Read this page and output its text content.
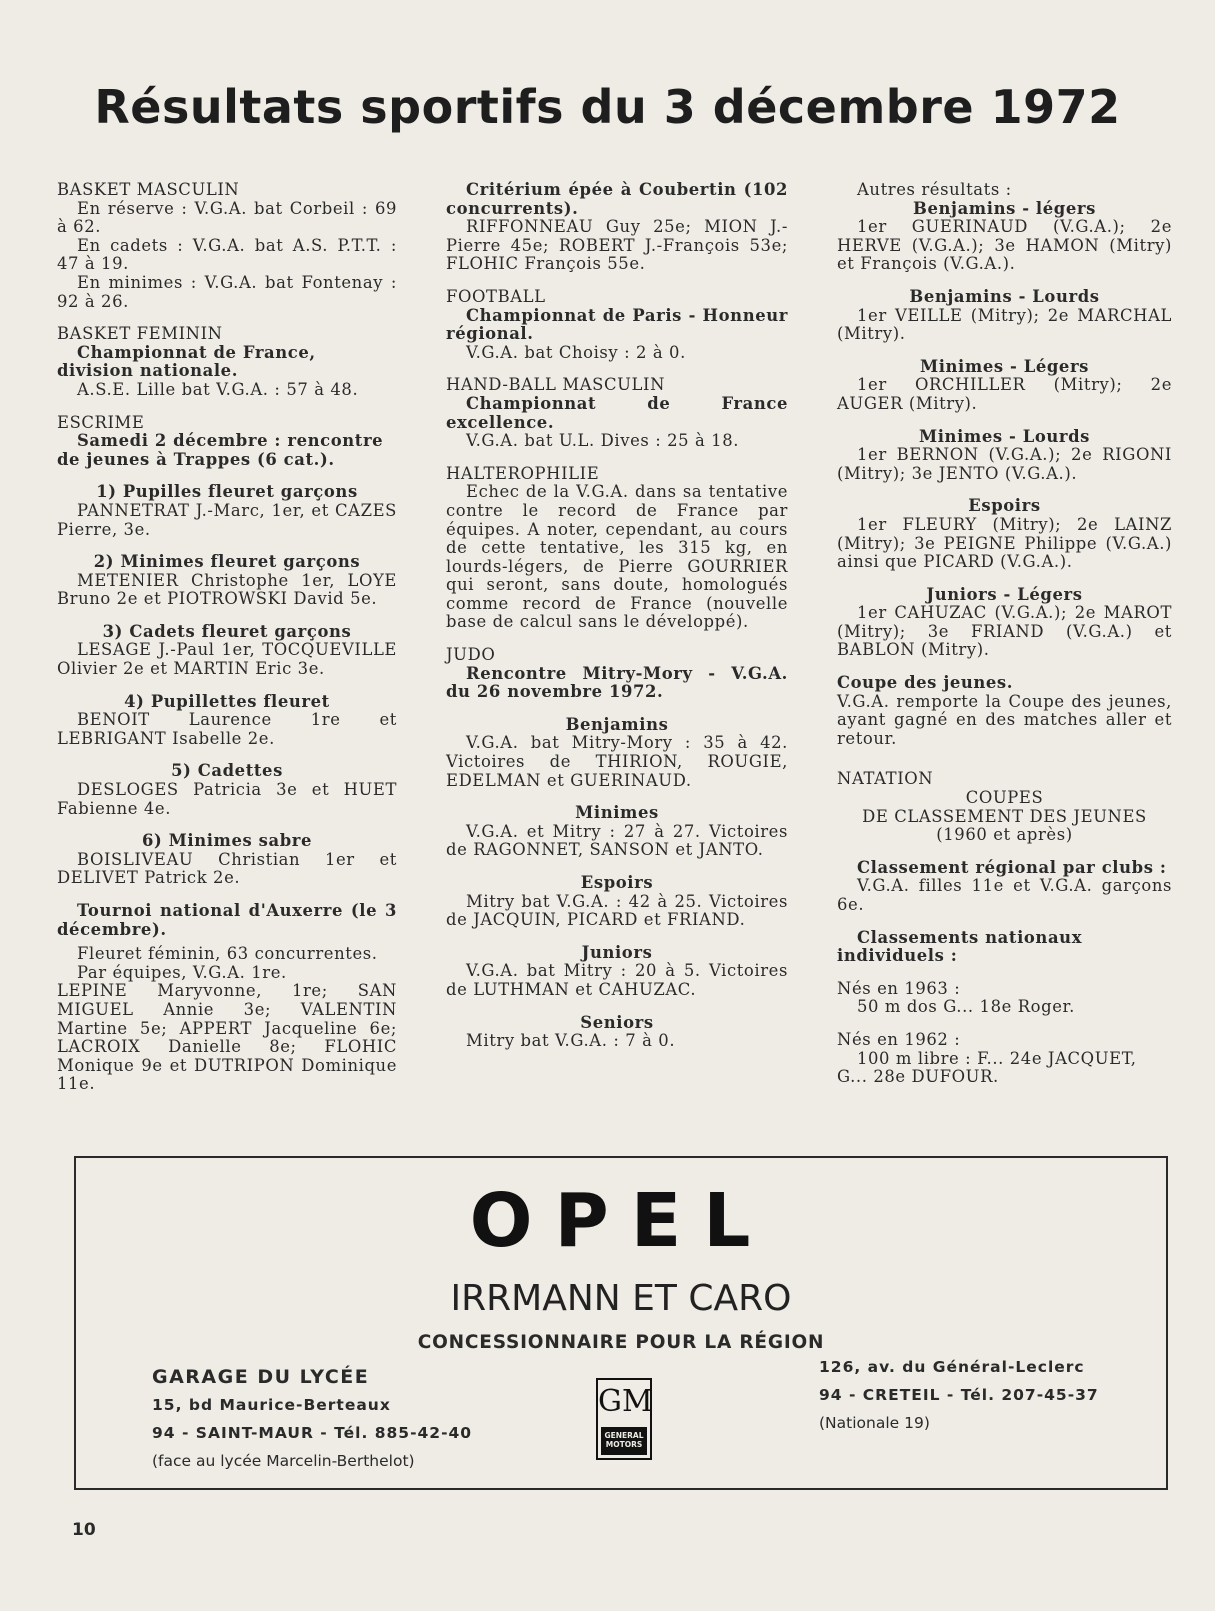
Résultats sportifs du 3 décembre 1972

BASKET MASCULIN

En réserve : V.G.A. bat Corbeil : 69 à 62.

En cadets : V.G.A. bat A.S. P.T.T. : 47 à 19.

En minimes : V.G.A. bat Fontenay : 92 à 26.

BASKET FEMININ

Championnat de France, division nationale.

A.S.E. Lille bat V.G.A. : 57 à 48.

ESCRIME

Samedi 2 décembre : rencontre de jeunes à Trappes (6 cat.).

1) Pupilles fleuret garçons

PANNETRAT J.-Marc, 1er, et CAZES Pierre, 3e.

2) Minimes fleuret garçons

METENIER Christophe 1er, LOYE Bruno 2e et PIOTROWSKI David 5e.

3) Cadets fleuret garçons

LESAGE J.-Paul 1er, TOCQUEVILLE Olivier 2e et MARTIN Eric 3e.

4) Pupillettes fleuret

BENOIT Laurence 1re et LEBRIGANT Isabelle 2e.

5) Cadettes

DESLOGES Patricia 3e et HUET Fabienne 4e.

6) Minimes sabre

BOISLIVEAU Christian 1er et DELIVET Patrick 2e.

Tournoi national d'Auxerre (le 3 décembre).

Fleuret féminin, 63 concurrentes.

Par équipes, V.G.A. 1re.

LEPINE Maryvonne, 1re; SAN MIGUEL Annie 3e; VALENTIN Martine 5e; APPERT Jacqueline 6e; LACROIX Danielle 8e; FLOHIC Monique 9e et DUTRIPON Dominique 11e.

Critérium épée à Coubertin (102 concurrents).

RIFFONNEAU Guy 25e; MION J.-Pierre 45e; ROBERT J.-François 53e; FLOHIC François 55e.

FOOTBALL

Championnat de Paris - Honneur régional.

V.G.A. bat Choisy : 2 à 0.

HAND-BALL MASCULIN

Championnat de France excellence.

V.G.A. bat U.L. Dives : 25 à 18.

HALTEROPHILIE

Echec de la V.G.A. dans sa tentative contre le record de France par équipes. A noter, cependant, au cours de cette tentative, les 315 kg, en lourds-légers, de Pierre GOURRIER qui seront, sans doute, homologués comme record de France (nouvelle base de calcul sans le développé).

JUDO

Rencontre Mitry-Mory - V.G.A. du 26 novembre 1972.

Benjamins

V.G.A. bat Mitry-Mory : 35 à 42. Victoires de THIRION, ROUGIE, EDELMAN et GUERINAUD.

Minimes

V.G.A. et Mitry : 27 à 27. Victoires de RAGONNET, SANSON et JANTO.

Espoirs

Mitry bat V.G.A. : 42 à 25. Victoires de JACQUIN, PICARD et FRIAND.

Juniors

V.G.A. bat Mitry : 20 à 5. Victoires de LUTHMAN et CAHUZAC.

Seniors

Mitry bat V.G.A. : 7 à 0.

Autres résultats :

Benjamins - légers

1er GUERINAUD (V.G.A.); 2e HERVE (V.G.A.); 3e HAMON (Mitry) et François (V.G.A.).

Benjamins - Lourds

1er VEILLE (Mitry); 2e MARCHAL (Mitry).

Minimes - Légers

1er ORCHILLER (Mitry); 2e AUGER (Mitry).

Minimes - Lourds

1er BERNON (V.G.A.); 2e RIGONI (Mitry); 3e JENTO (V.G.A.).

Espoirs

1er FLEURY (Mitry); 2e LAINZ (Mitry); 3e PEIGNE Philippe (V.G.A.) ainsi que PICARD (V.G.A.).

Juniors - Légers

1er CAHUZAC (V.G.A.); 2e MAROT (Mitry); 3e FRIAND (V.G.A.) et BABLON (Mitry).

Coupe des jeunes.

V.G.A. remporte la Coupe des jeunes, ayant gagné en des matches aller et retour.

NATATION

COUPES

DE CLASSEMENT DES JEUNES

(1960 et après)

Classement régional par clubs :

V.G.A. filles 11e et V.G.A. garçons 6e.

Classements nationaux individuels :

Nés en 1963 :

50 m dos G... 18e Roger.

Nés en 1962 :

100 m libre : F... 24e JACQUET, G... 28e DUFOUR.

OPEL
IRRMANN ET CARO
CONCESSIONNAIRE POUR LA RÉGION
GARAGE DU LYCÉE
15, bd Maurice-Berteaux
94 - SAINT-MAUR - Tél. 885-42-40
(face au lycée Marcelin-Berthelot)
GM
GENERAL MOTORS
126, av. du Général-Leclerc
94 - CRETEIL - Tél. 207-45-37
(Nationale 19)
10
